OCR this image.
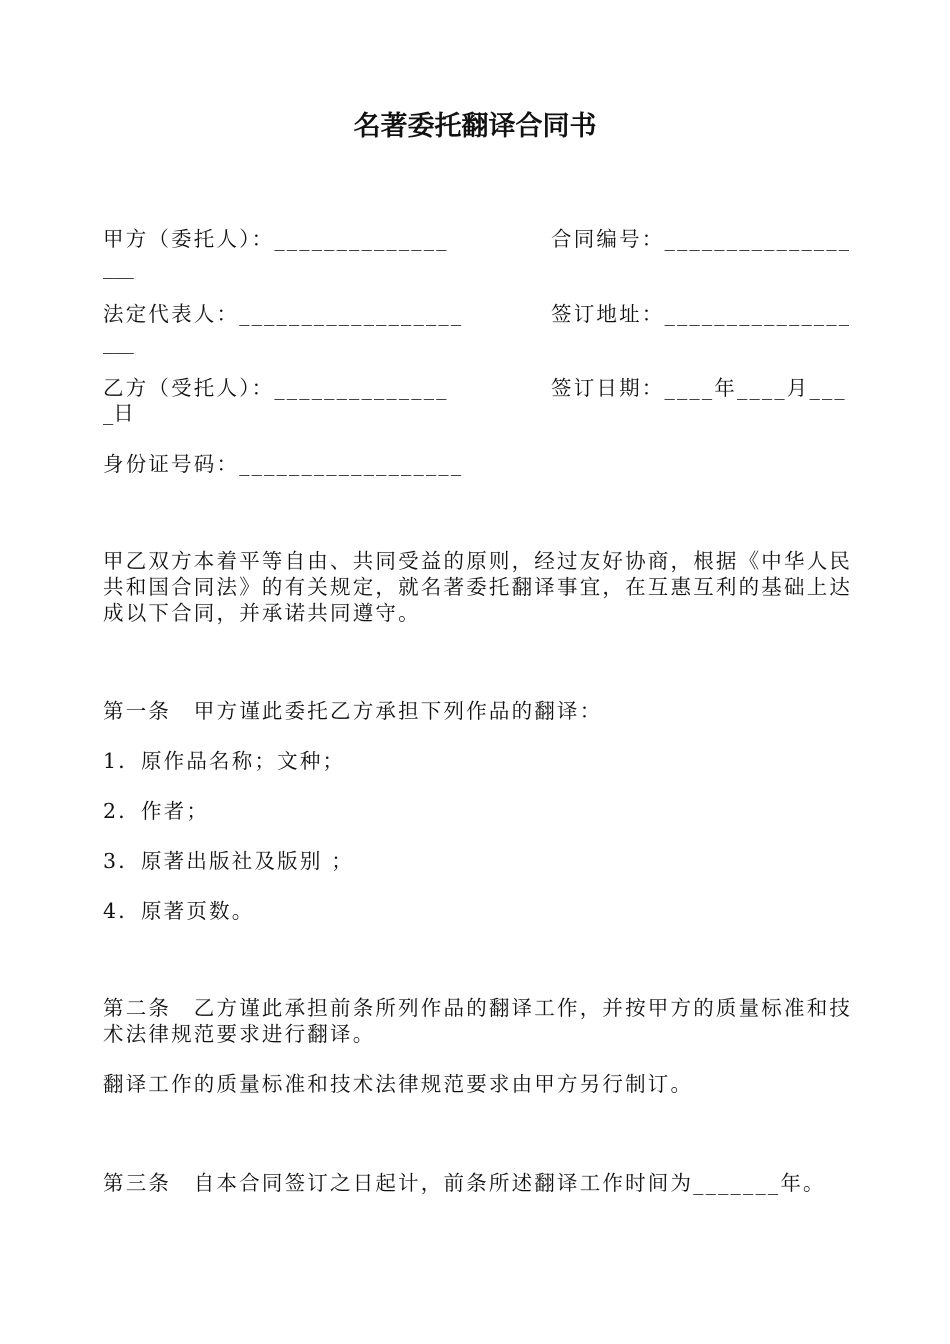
名著委托翻译合同书
甲方（委托人）：______________	合同编号：_______________
___
法定代表人：__________________	签订地址：_______________
___
乙方（受托人）：______________	签订日期：____年____月___
_日
身份证号码：__________________
甲乙双方本着平等自由、共同受益的原则，经过友好协商，根据《中华人民共和国合同法》的有关规定，就名著委托翻译事宜，在互惠互利的基础上达成以下合同，并承诺共同遵守。
第一条　甲方谨此委托乙方承担下列作品的翻译：
1．原作品名称；文种；
2．作者；
3．原著出版社及版别 ；
4．原著页数。
第二条　乙方谨此承担前条所列作品的翻译工作，并按甲方的质量标准和技术法律规范要求进行翻译。
翻译工作的质量标准和技术法律规范要求由甲方另行制订。
第三条　自本合同签订之日起计，前条所述翻译工作时间为_______年。
